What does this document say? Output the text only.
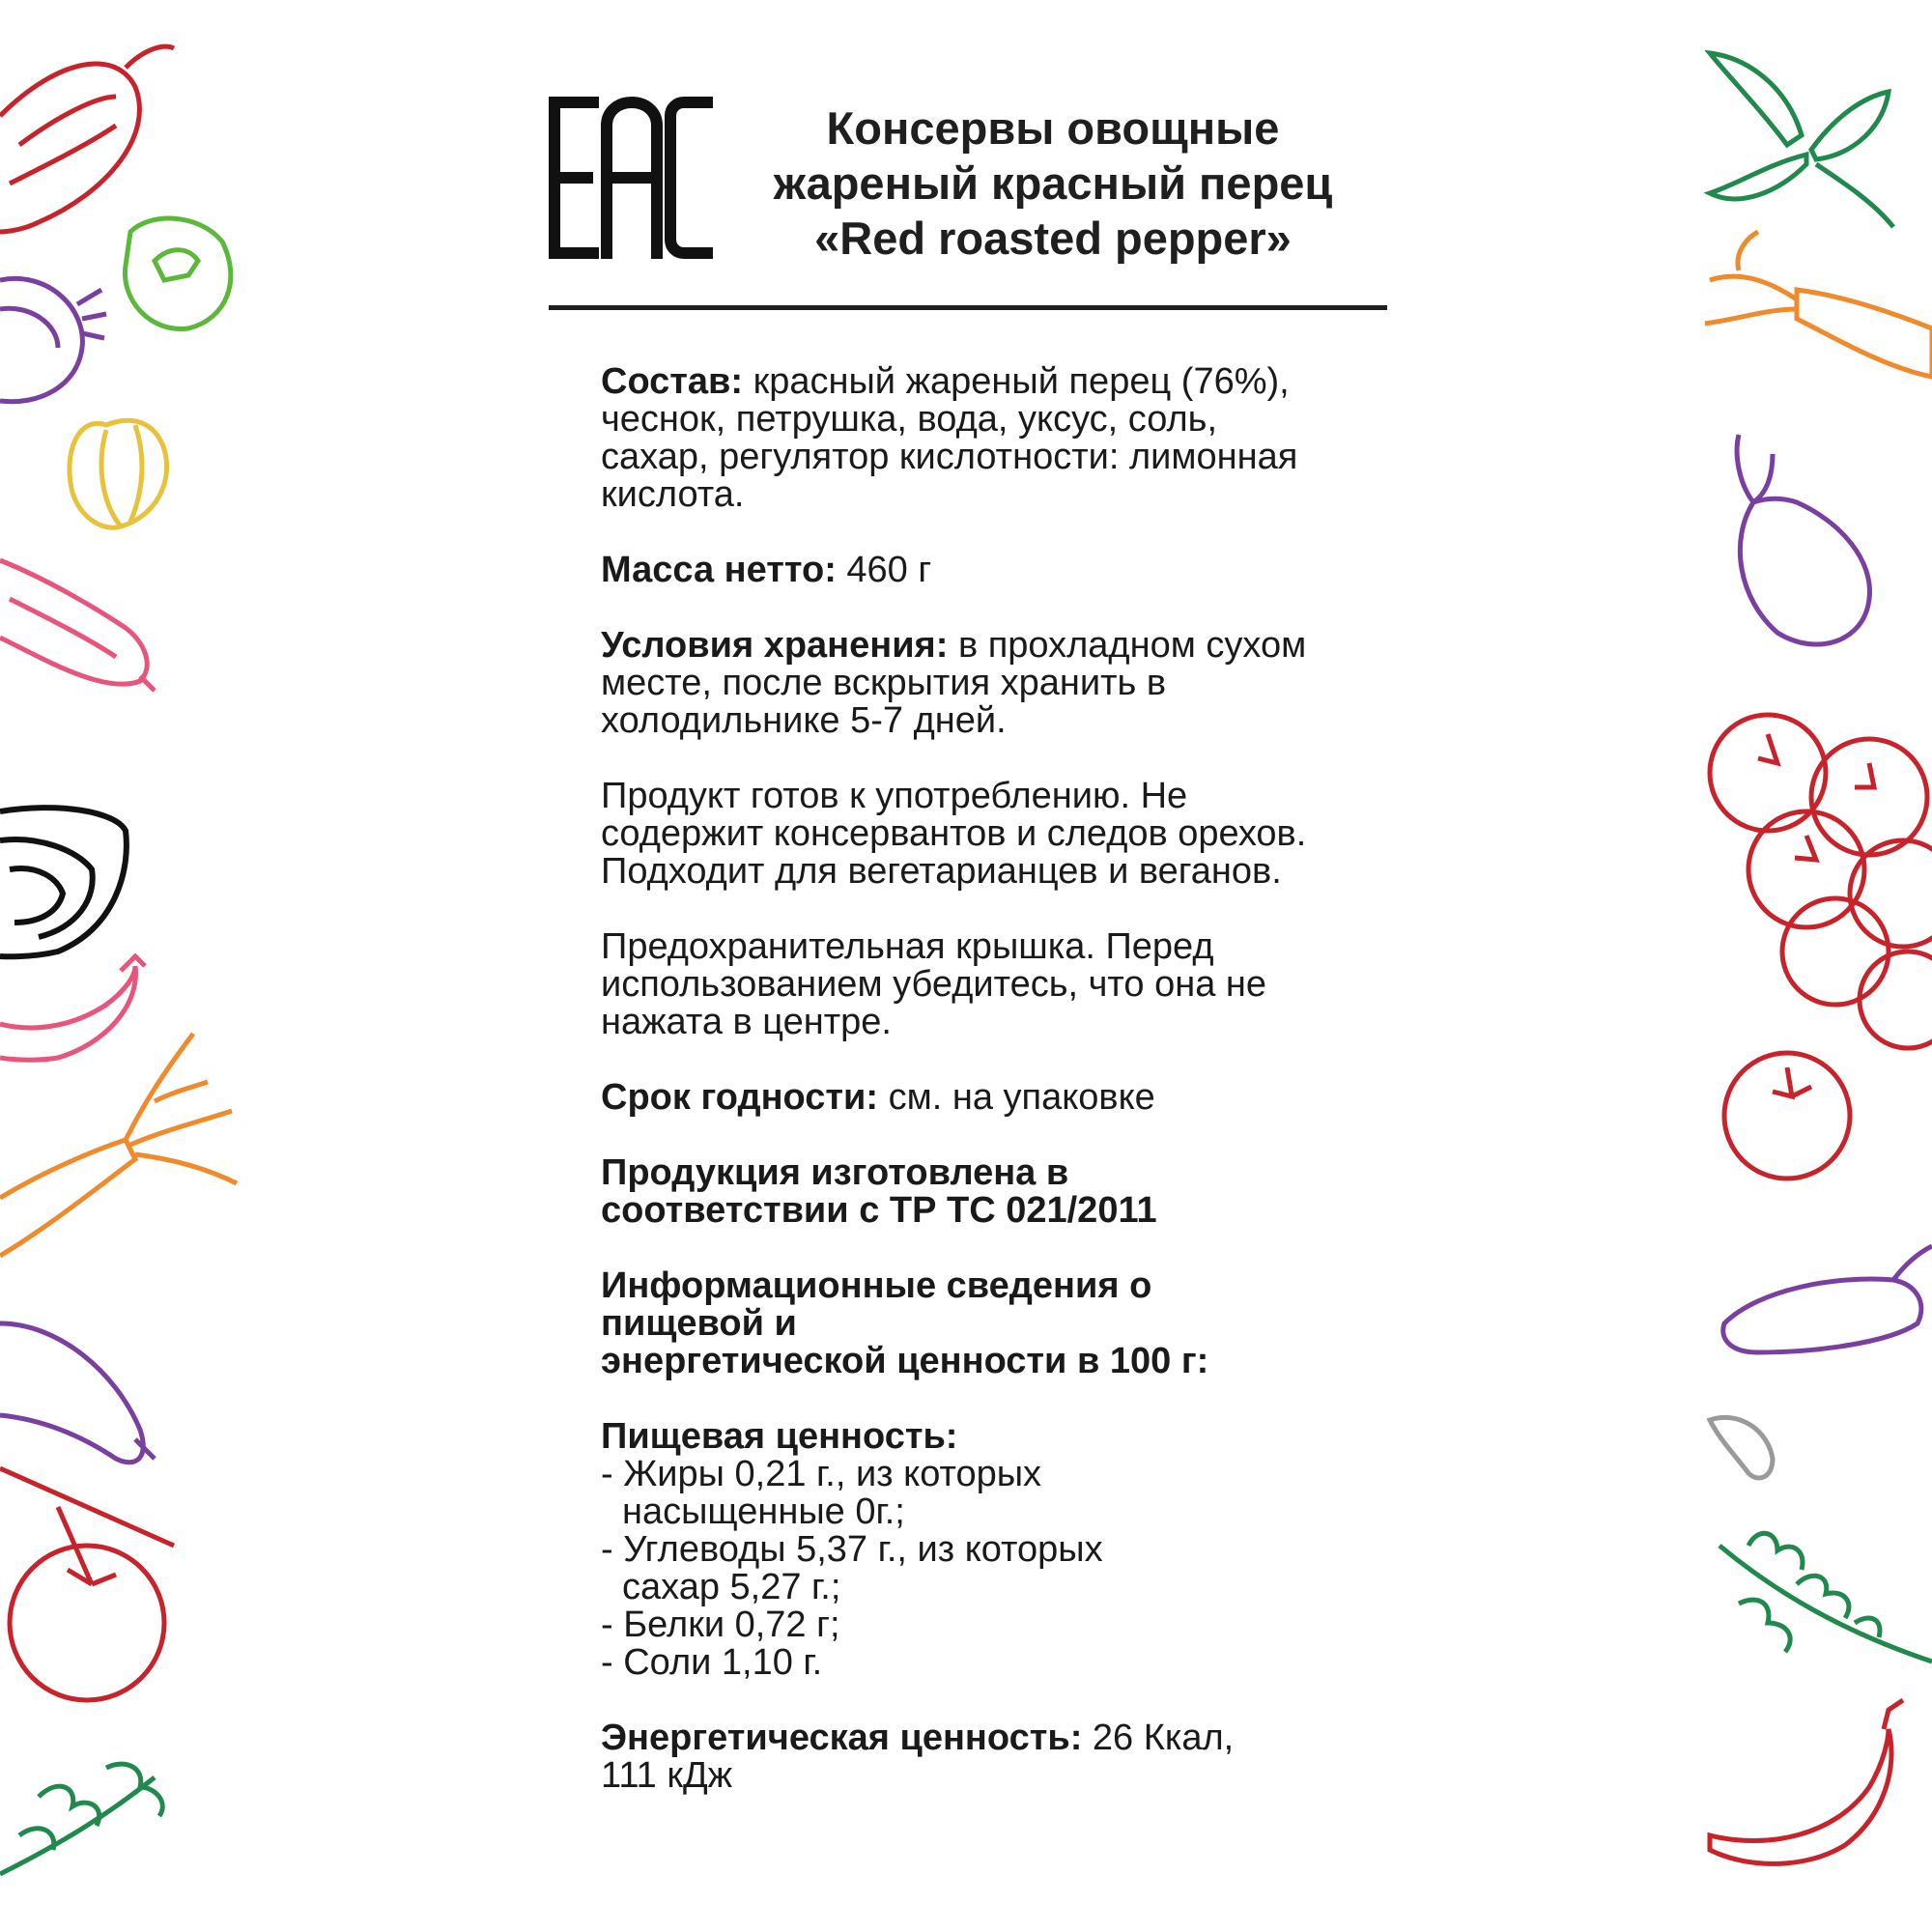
Консервы овощные
жареный красный перец
«Red roasted pepper»

Состав: красный жареный перец (76%), чеснок, петрушка, вода, уксус, соль, сахар, регулятор кислотности: лимонная кислота.

Масса нетто: 460 г

Условия хранения: в прохладном сухом месте, после вскрытия хранить в холодильнике 5-7 дней.

Продукт готов к употреблению. Не содержит консервантов и следов орехов. Подходит для вегетарианцев и веганов.

Предохранительная крышка. Перед использованием убедитесь, что она не нажата в центре.

Срок годности: см. на упаковке

Продукция изготовлена в
соответствии с ТР ТС 021/2011

Информационные сведения о
пищевой и
энергетической ценности в 100 г:

Пищевая ценность:
- Жиры 0,21 г., из которых
насыщенные 0г.;
- Углеводы 5,37 г., из которых
сахар 5,27 г.;
- Белки 0,72 г;
- Соли 1,10 г.

Энергетическая ценность: 26 Ккал,
111 кДж
